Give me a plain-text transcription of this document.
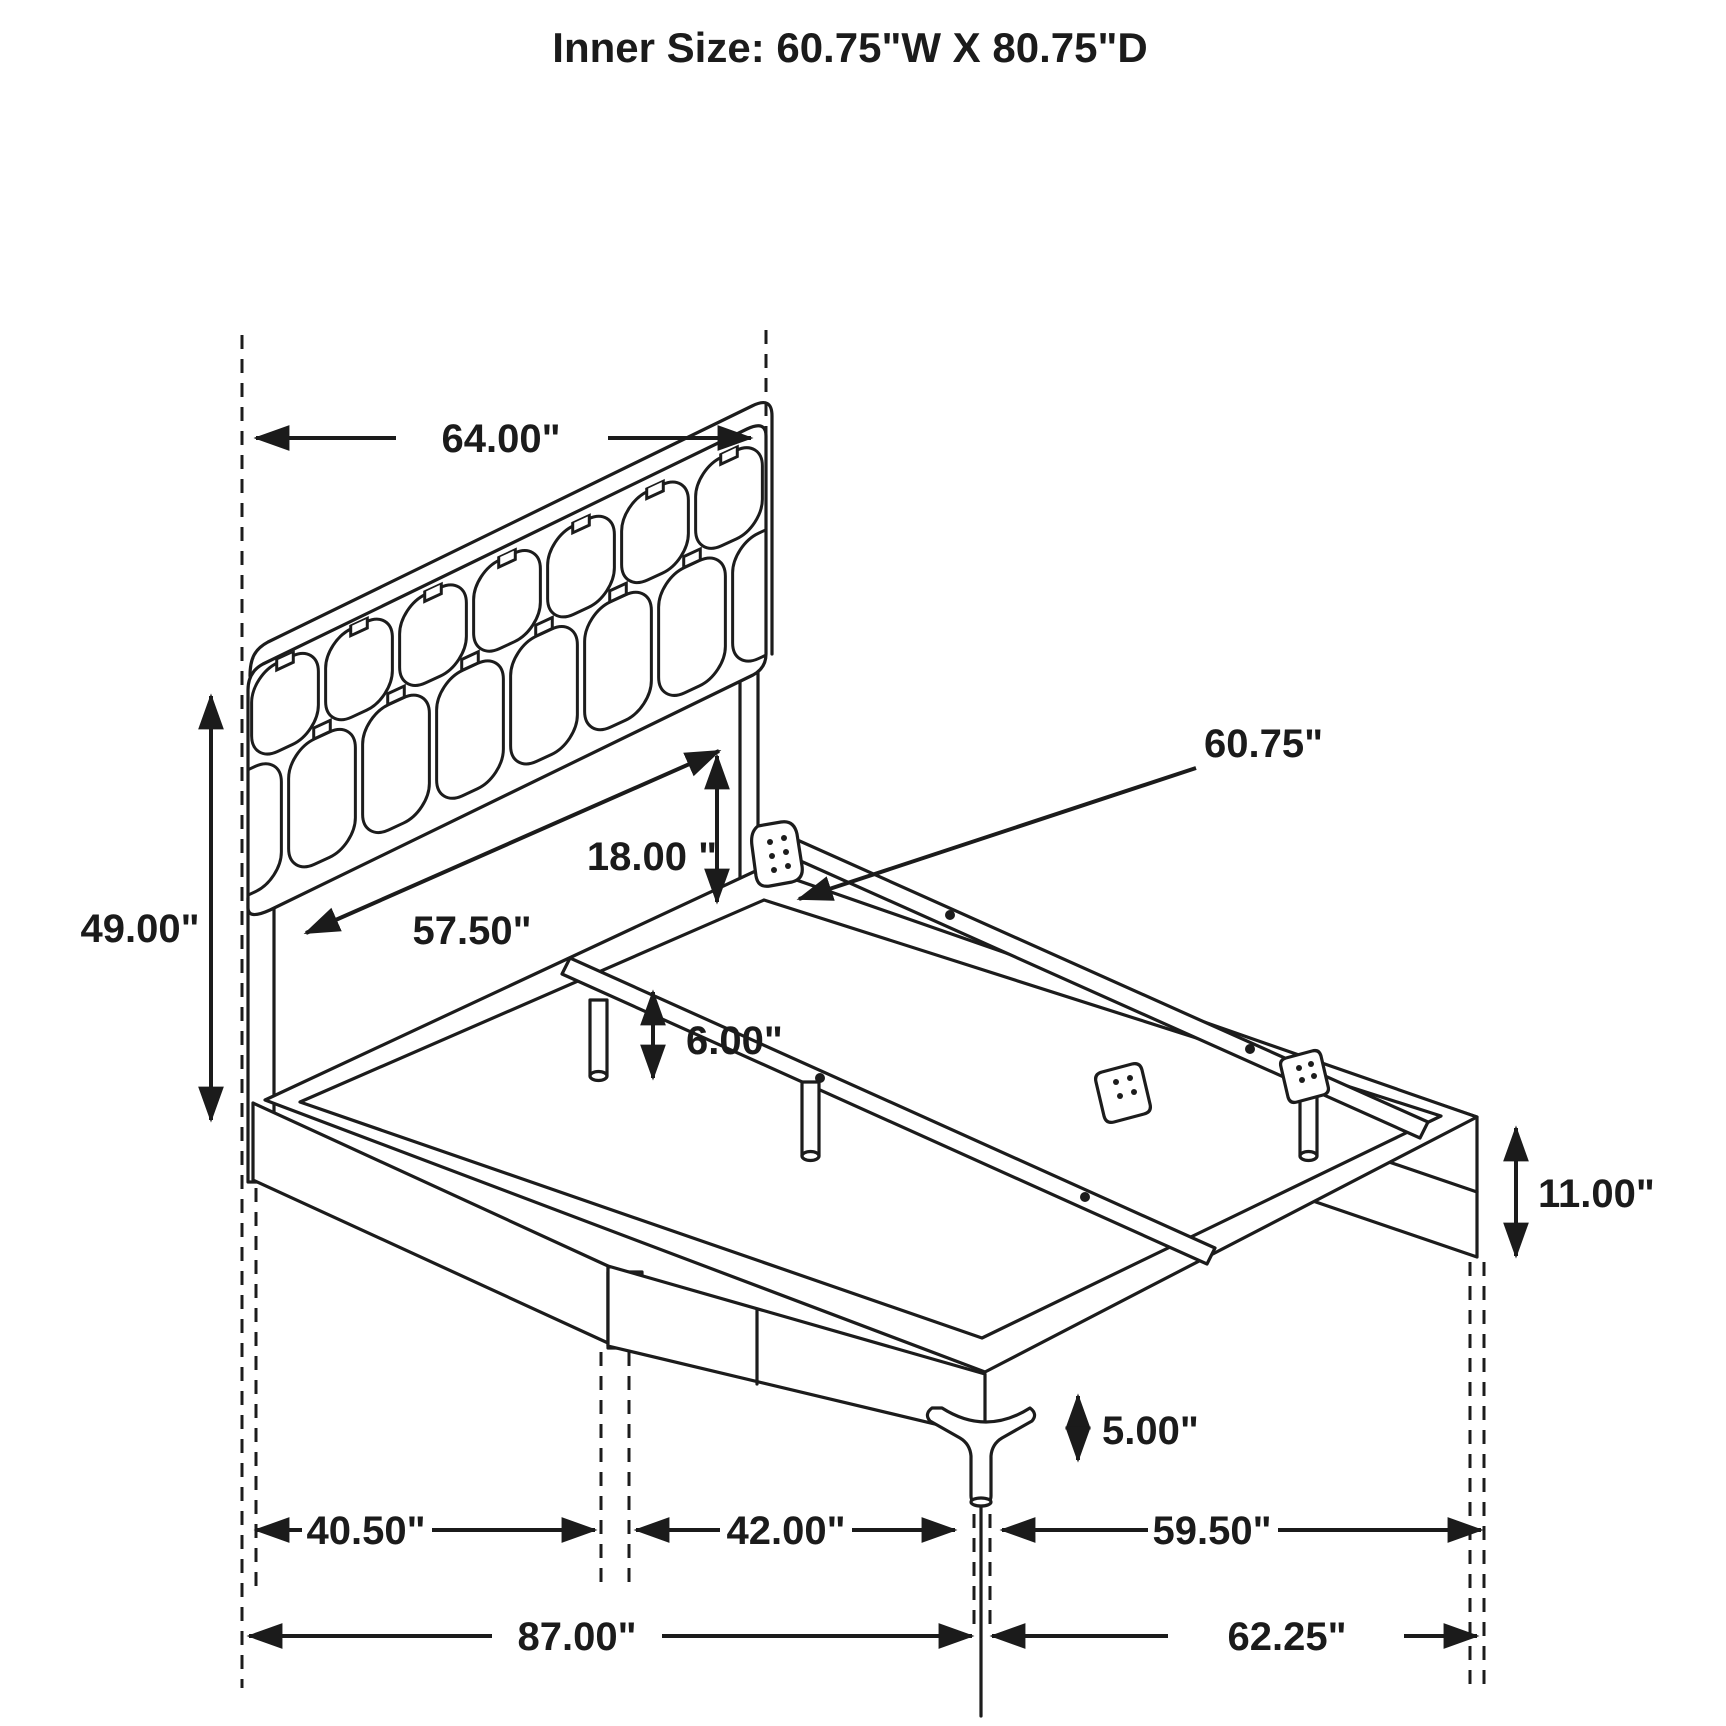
Inner Size: 60.75"W X 80.75"D
64.00"
49.00"
18.00 "
57.50"
60.75"
6.00"
11.00"
5.00"
40.50"	42.00"	59.50"
87.00"	62.25"
